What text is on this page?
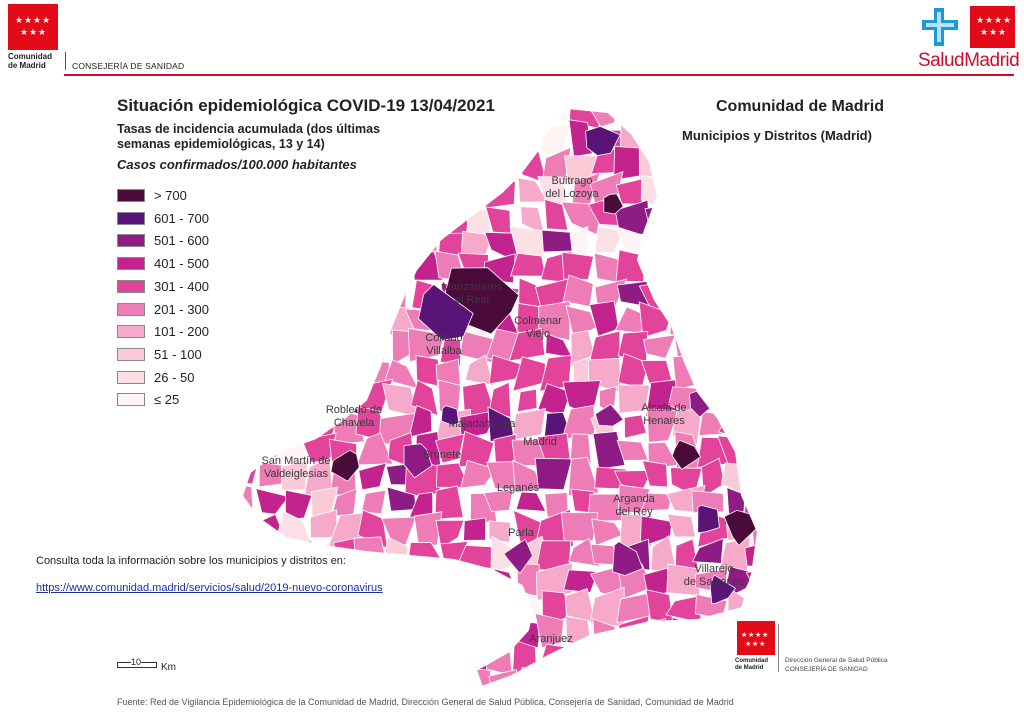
★ ★ ★ ★
★ ★ ★
Comunidad
de Madrid	CONSEJERÍA DE SANIDAD
★ ★ ★ ★
★ ★ ★
SaludMadrid
Situación epidemiológica COVID-19 13/04/2021
Tasas de incidencia acumulada (dos últimas semanas epidemiológicas, 13 y 14)
Casos confirmados/100.000 habitantes
Comunidad de Madrid
Municipios y Distritos (Madrid)
> 700
601 - 700
501 - 600
401 - 500
301 - 400
201 - 300
101 - 200
51 - 100
26 - 50
≤ 25
Buitrago del Lozoya
Manzanares el Real
Colmenar Viejo
Collado Villalba
Robledo de Chavela	Majadahonda
Alcalá de Henares
San Martín de Valdeiglesias
Brunete
Madrid
Leganés
Arganda del Rey
Parla
Villarejo de Salvanés
Aranjuez
Consulta toda la información sobre los municipios y distritos en:
https://www.comunidad.madrid/servicios/salud/2019-nuevo-coronavirus
10 Km
★ ★ ★ ★
★ ★ ★
Comunidad
de Madrid
Dirección General de Salud Pública
CONSEJERÍA DE SANIDAD
Fuente: Red de Vigilancia Epidemiológica de la Comunidad de Madrid, Dirección General de Salud Pública, Consejería de Sanidad, Comunidad de Madrid
